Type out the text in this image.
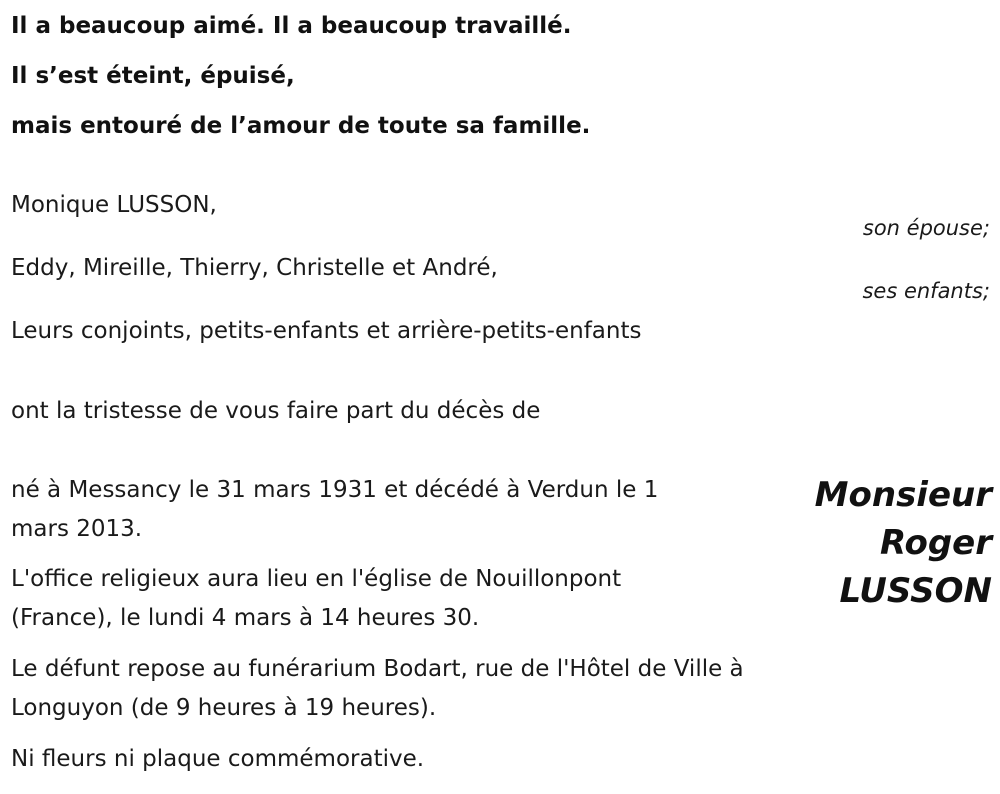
Il a beaucoup aimé. Il a beaucoup travaillé.
Il s’est éteint, épuisé,
mais entouré de l’amour de toute sa famille.
Monique LUSSON,
son épouse;
Eddy, Mireille, Thierry, Christelle et André,
ses enfants;
Leurs conjoints, petits-enfants et arrière-petits-enfants
ont la tristesse de vous faire part du décès de
Monsieur
Roger
LUSSON
né à Messancy le 31 mars 1931 et décédé à Verdun le 1
mars 2013.
L'office religieux aura lieu en l'église de Nouillonpont
(France), le lundi 4 mars à 14 heures 30.
Le défunt repose au funérarium Bodart, rue de l'Hôtel de Ville à
Longuyon (de 9 heures à 19 heures).
Ni fleurs ni plaque commémorative.
